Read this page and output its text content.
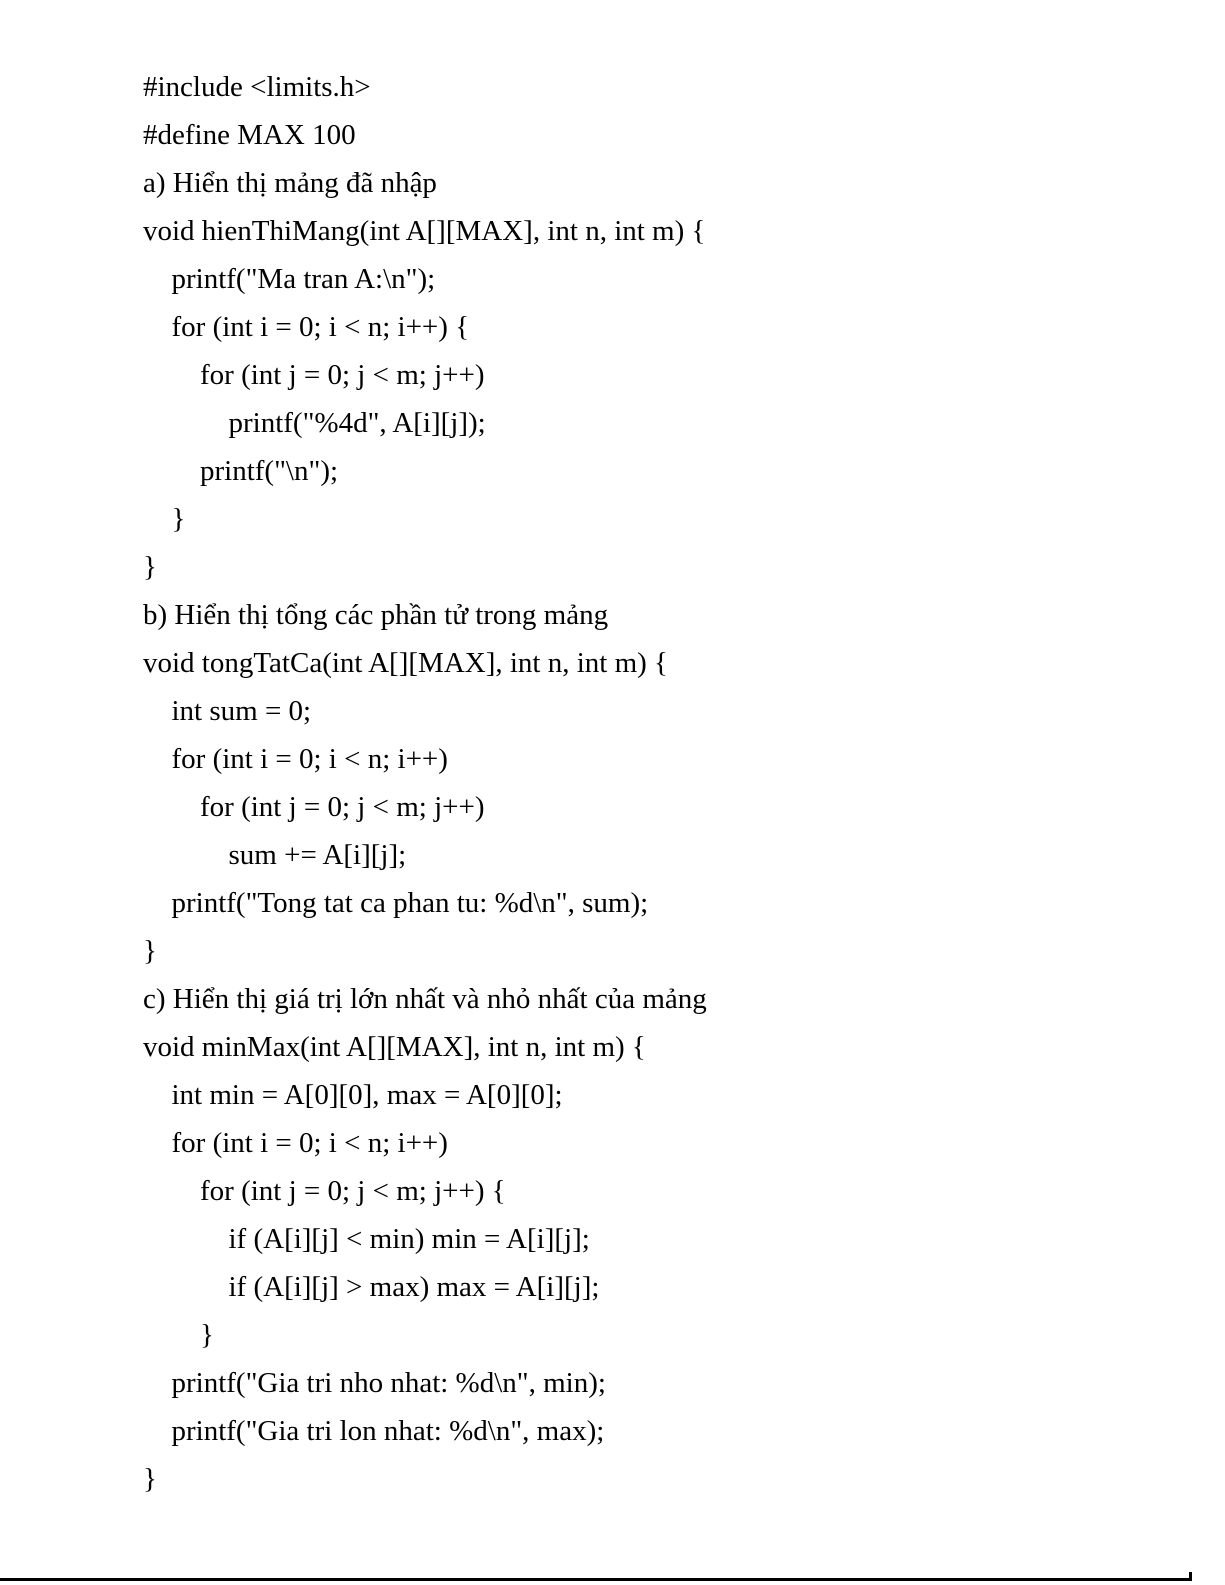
#include <limits.h>
#define MAX 100
a) Hiển thị mảng đã nhập
void hienThiMang(int A[][MAX], int n, int m) {
printf("Ma tran A:\n");
for (int i = 0; i < n; i++) {
for (int j = 0; j < m; j++)
printf("%4d", A[i][j]);
printf("\n");
}
}
b) Hiển thị tổng các phần tử trong mảng
void tongTatCa(int A[][MAX], int n, int m) {
int sum = 0;
for (int i = 0; i < n; i++)
for (int j = 0; j < m; j++)
sum += A[i][j];
printf("Tong tat ca phan tu: %d\n", sum);
}
c) Hiển thị giá trị lớn nhất và nhỏ nhất của mảng
void minMax(int A[][MAX], int n, int m) {
int min = A[0][0], max = A[0][0];
for (int i = 0; i < n; i++)
for (int j = 0; j < m; j++) {
if (A[i][j] < min) min = A[i][j];
if (A[i][j] > max) max = A[i][j];
}
printf("Gia tri nho nhat: %d\n", min);
printf("Gia tri lon nhat: %d\n", max);
}
